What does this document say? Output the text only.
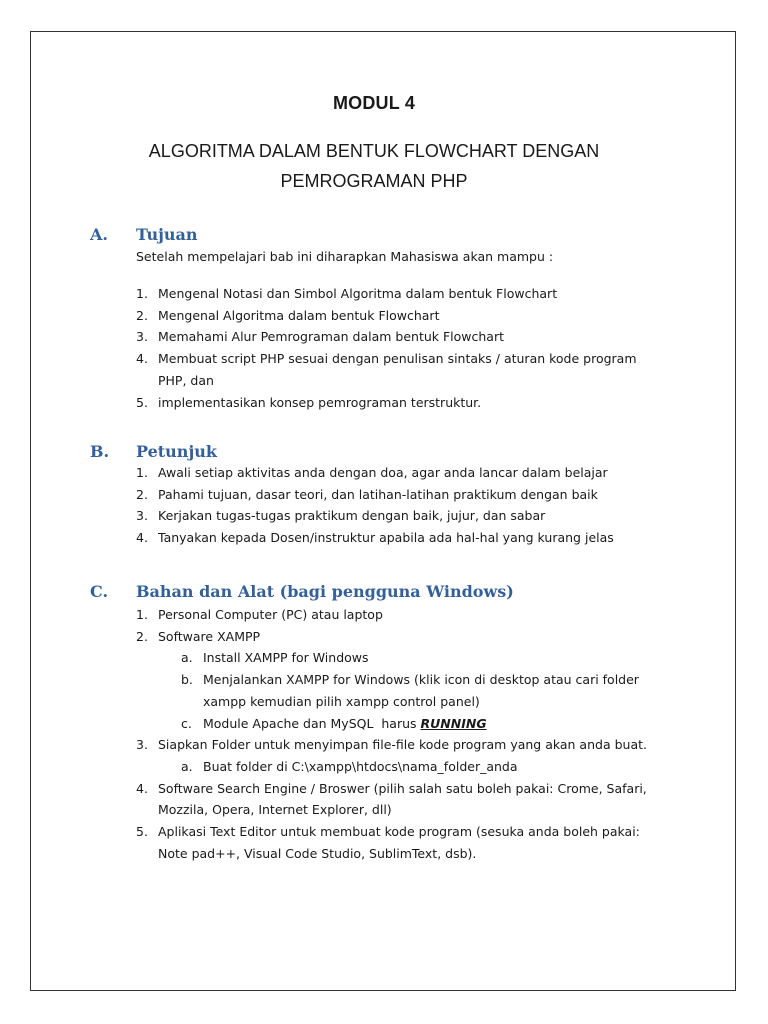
MODUL 4
ALGORITMA DALAM BENTUK FLOWCHART DENGAN PEMROGRAMAN PHP
A. Tujuan
Setelah mempelajari bab ini diharapkan Mahasiswa akan mampu :
1. Mengenal Notasi dan Simbol Algoritma dalam bentuk Flowchart
2. Mengenal Algoritma dalam bentuk Flowchart
3. Memahami Alur Pemrograman dalam bentuk Flowchart
4. Membuat script PHP sesuai dengan penulisan sintaks / aturan kode program PHP, dan
5. implementasikan konsep pemrograman terstruktur.
B. Petunjuk
1. Awali setiap aktivitas anda dengan doa, agar anda lancar dalam belajar
2. Pahami tujuan, dasar teori, dan latihan-latihan praktikum dengan baik
3. Kerjakan tugas-tugas praktikum dengan baik, jujur, dan sabar
4. Tanyakan kepada Dosen/instruktur apabila ada hal-hal yang kurang jelas
C. Bahan dan Alat (bagi pengguna Windows)
1. Personal Computer (PC) atau laptop
2. Software XAMPP
a. Install XAMPP for Windows
b. Menjalankan XAMPP for Windows (klik icon di desktop atau cari folder xampp kemudian pilih xampp control panel)
c. Module Apache dan MySQL  harus RUNNING
3. Siapkan Folder untuk menyimpan file-file kode program yang akan anda buat.
a. Buat folder di C:\xampp\htdocs\nama_folder_anda
4. Software Search Engine / Broswer (pilih salah satu boleh pakai: Crome, Safari, Mozzila, Opera, Internet Explorer, dll)
5. Aplikasi Text Editor untuk membuat kode program (sesuka anda boleh pakai: Note pad++, Visual Code Studio, SublimText, dsb).
